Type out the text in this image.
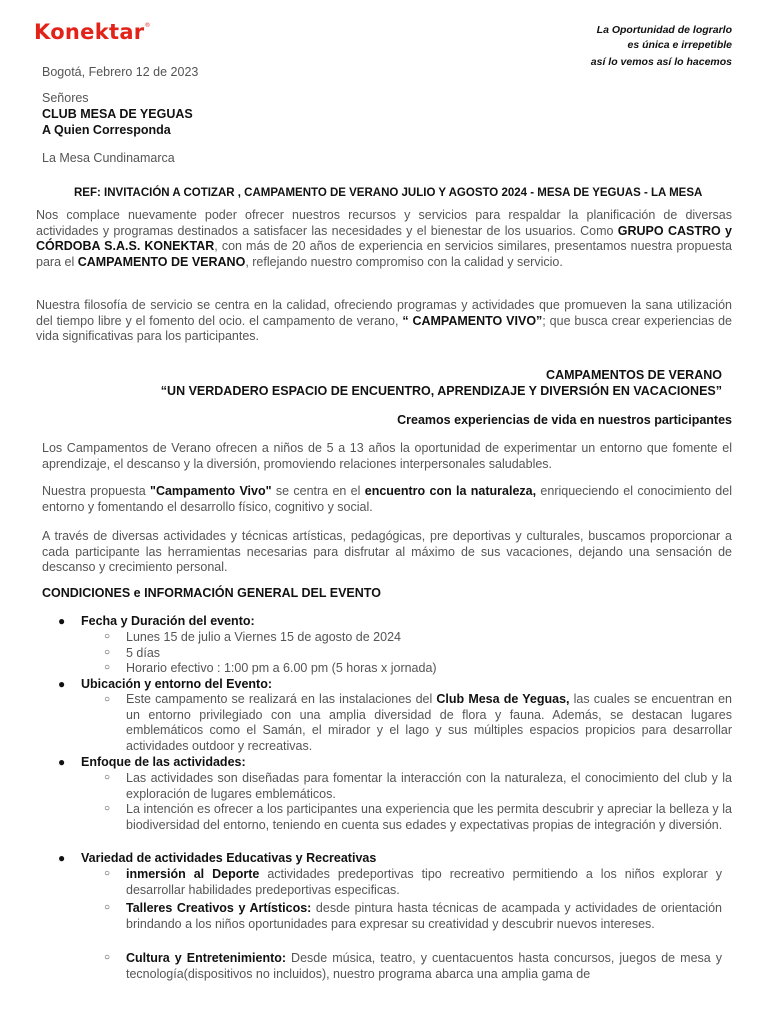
Konektar®	La Oportunidad de lograrlo
es única e irrepetible
así lo vemos así lo hacemos
Bogotá, Febrero 12 de 2023
Señores
CLUB MESA DE YEGUAS
A Quien Corresponda
La Mesa Cundinamarca
REF: INVITACIÓN A COTIZAR , CAMPAMENTO DE VERANO JULIO Y AGOSTO 2024 - MESA DE YEGUAS - LA MESA
Nos complace nuevamente poder ofrecer nuestros recursos y servicios para respaldar la planificación de diversas actividades y programas destinados a satisfacer las necesidades y el bienestar de los usuarios. Como GRUPO CASTRO y CÓRDOBA S.A.S. KONEKTAR, con más de 20 años de experiencia en servicios similares, presentamos nuestra propuesta para el CAMPAMENTO DE VERANO, reflejando nuestro compromiso con la calidad y servicio.
Nuestra filosofía de servicio se centra en la calidad, ofreciendo programas y actividades que promueven la sana utilización del tiempo libre y el fomento del ocio. el campamento de verano, “ CAMPAMENTO VIVO”; que busca crear experiencias de vida significativas para los participantes.
CAMPAMENTOS DE VERANO
“UN VERDADERO ESPACIO DE ENCUENTRO, APRENDIZAJE Y DIVERSIÓN EN VACACIONES”
Creamos experiencias de vida en nuestros participantes
Los Campamentos de Verano ofrecen a niños de 5 a 13 años la oportunidad de experimentar un entorno que fomente el aprendizaje, el descanso y la diversión, promoviendo relaciones interpersonales saludables.
Nuestra propuesta "Campamento Vivo" se centra en el encuentro con la naturaleza, enriqueciendo el conocimiento del entorno y fomentando el desarrollo físico, cognitivo y social.
A través de diversas actividades y técnicas artísticas, pedagógicas, pre deportivas y culturales, buscamos proporcionar a cada participante las herramientas necesarias para disfrutar al máximo de sus vacaciones, dejando una sensación de descanso y crecimiento personal.
CONDICIONES e INFORMACIÓN GENERAL DEL EVENTO
● Fecha y Duración del evento:
○ Lunes 15 de julio a Viernes 15 de agosto de 2024
○ 5 días
○ Horario efectivo : 1:00 pm a 6.00 pm (5 horas x jornada)
● Ubicación y entorno del Evento:
○ Este campamento se realizará en las instalaciones del Club Mesa de Yeguas, las cuales se encuentran en un entorno privilegiado con una amplia diversidad de flora y fauna. Además, se destacan lugares emblemáticos como el Samán, el mirador y el lago y sus múltiples espacios propicios para desarrollar actividades outdoor y recreativas.
● Enfoque de las actividades:
○ Las actividades son diseñadas para fomentar la interacción con la naturaleza, el conocimiento del club y la exploración de lugares emblemáticos.
○ La intención es ofrecer a los participantes una experiencia que les permita descubrir y apreciar la belleza y la biodiversidad del entorno, teniendo en cuenta sus edades y expectativas propias de integración y diversión.
● Variedad de actividades Educativas y Recreativas
○ inmersión al Deporte actividades predeportivas tipo recreativo permitiendo a los niños explorar y desarrollar habilidades predeportivas especificas.
○ Talleres Creativos y Artísticos: desde pintura hasta técnicas de acampada y actividades de orientación brindando a los niños oportunidades para expresar su creatividad y descubrir nuevos intereses.
○ Cultura y Entretenimiento: Desde música, teatro, y cuentacuentos hasta concursos, juegos de mesa y tecnología(dispositivos no incluidos), nuestro programa abarca una amplia gama de
